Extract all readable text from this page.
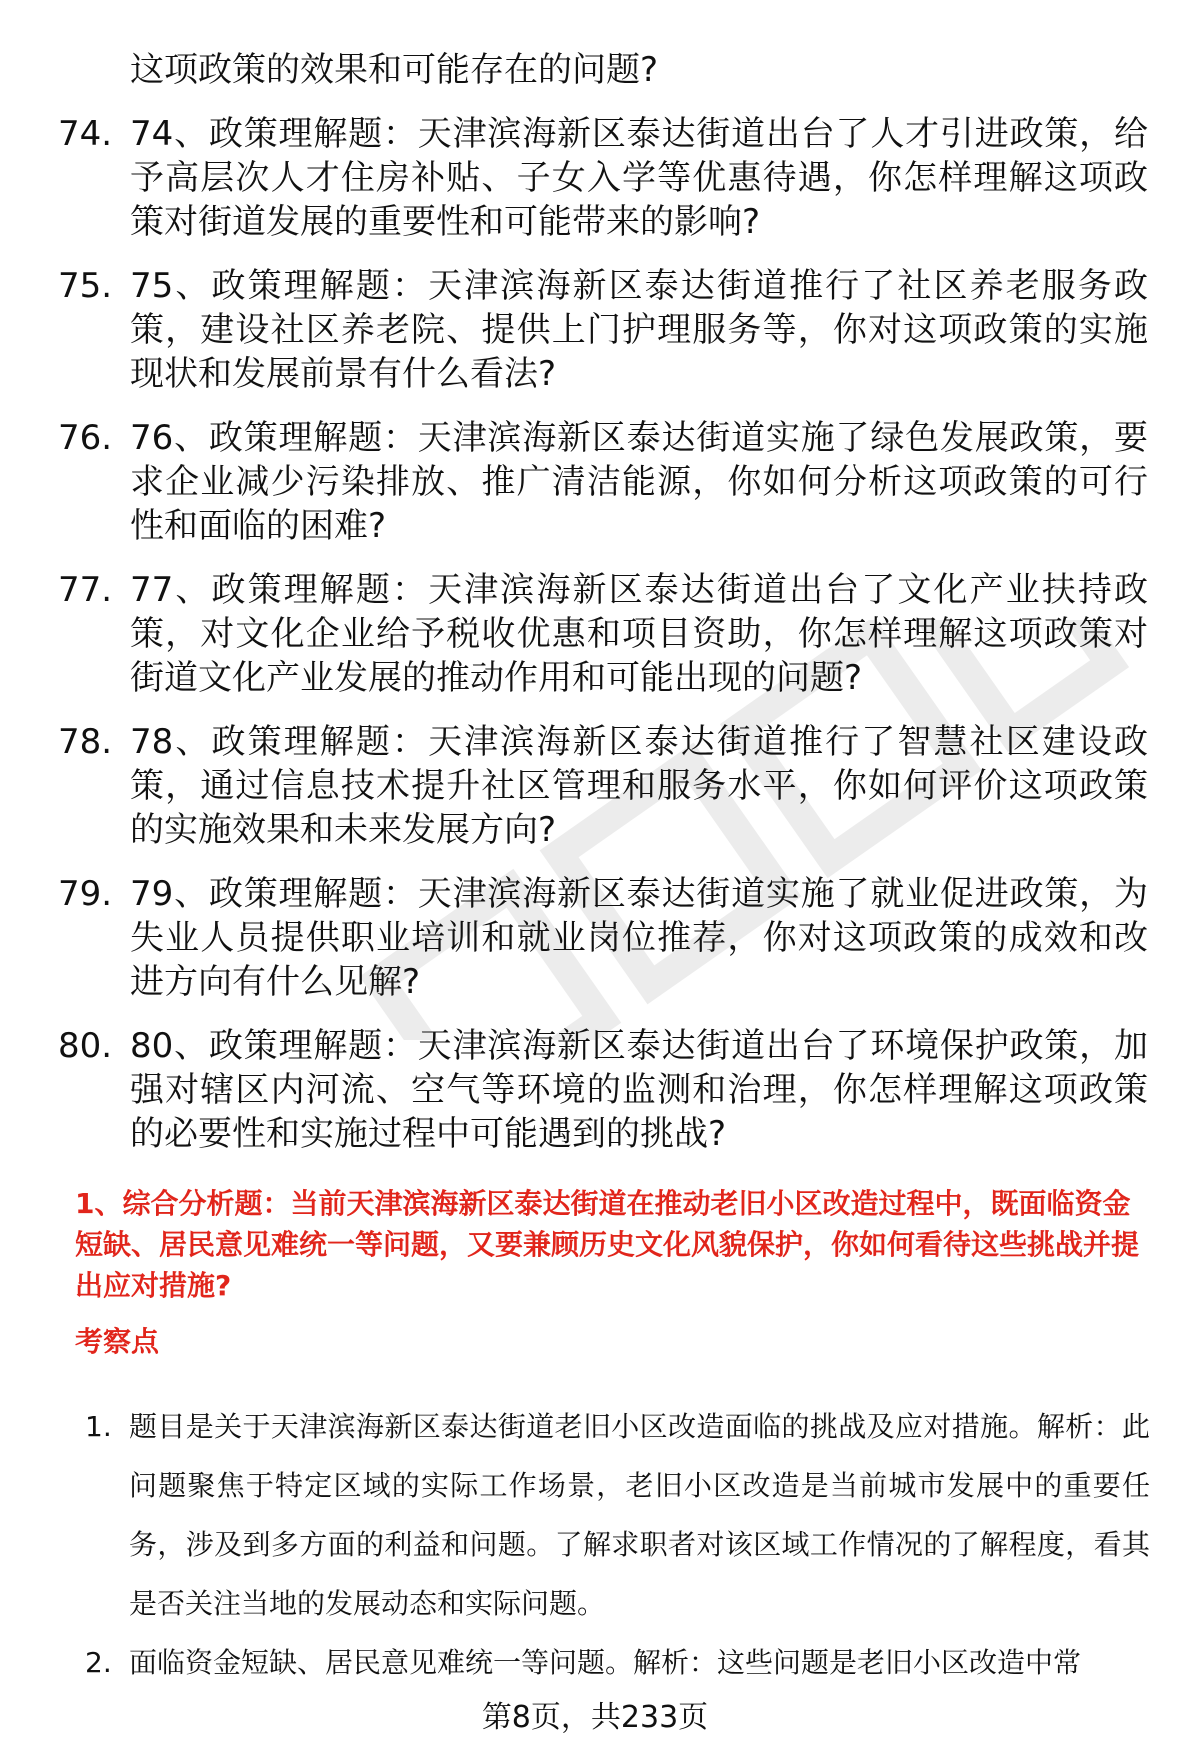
这项政策的效果和可能存在的问题?
74. 74、政策理解题：天津滨海新区泰达街道出台了人才引进政策，给予高层次人才住房补贴、子女入学等优惠待遇，你怎样理解这项政策对街道发展的重要性和可能带来的影响?
75. 75、政策理解题：天津滨海新区泰达街道推行了社区养老服务政策，建设社区养老院、提供上门护理服务等，你对这项政策的实施现状和发展前景有什么看法?
76. 76、政策理解题：天津滨海新区泰达街道实施了绿色发展政策，要求企业减少污染排放、推广清洁能源，你如何分析这项政策的可行性和面临的困难?
77. 77、政策理解题：天津滨海新区泰达街道出台了文化产业扶持政策，对文化企业给予税收优惠和项目资助，你怎样理解这项政策对街道文化产业发展的推动作用和可能出现的问题?
78. 78、政策理解题：天津滨海新区泰达街道推行了智慧社区建设政策，通过信息技术提升社区管理和服务水平，你如何评价这项政策的实施效果和未来发展方向?
79. 79、政策理解题：天津滨海新区泰达街道实施了就业促进政策，为失业人员提供职业培训和就业岗位推荐，你对这项政策的成效和改进方向有什么见解?
80. 80、政策理解题：天津滨海新区泰达街道出台了环境保护政策，加强对辖区内河流、空气等环境的监测和治理，你怎样理解这项政策的必要性和实施过程中可能遇到的挑战?

1、综合分析题：当前天津滨海新区泰达街道在推动老旧小区改造过程中，既面临资金短缺、居民意见难统一等问题，又要兼顾历史文化风貌保护，你如何看待这些挑战并提出应对措施?

考察点

1. 题目是关于天津滨海新区泰达街道老旧小区改造面临的挑战及应对措施。解析：此问题聚焦于特定区域的实际工作场景，老旧小区改造是当前城市发展中的重要任务，涉及到多方面的利益和问题。了解求职者对该区域工作情况的了解程度，看其是否关注当地的发展动态和实际问题。
2. 面临资金短缺、居民意见难统一等问题。解析：这些问题是老旧小区改造中常
第8页，共233页
